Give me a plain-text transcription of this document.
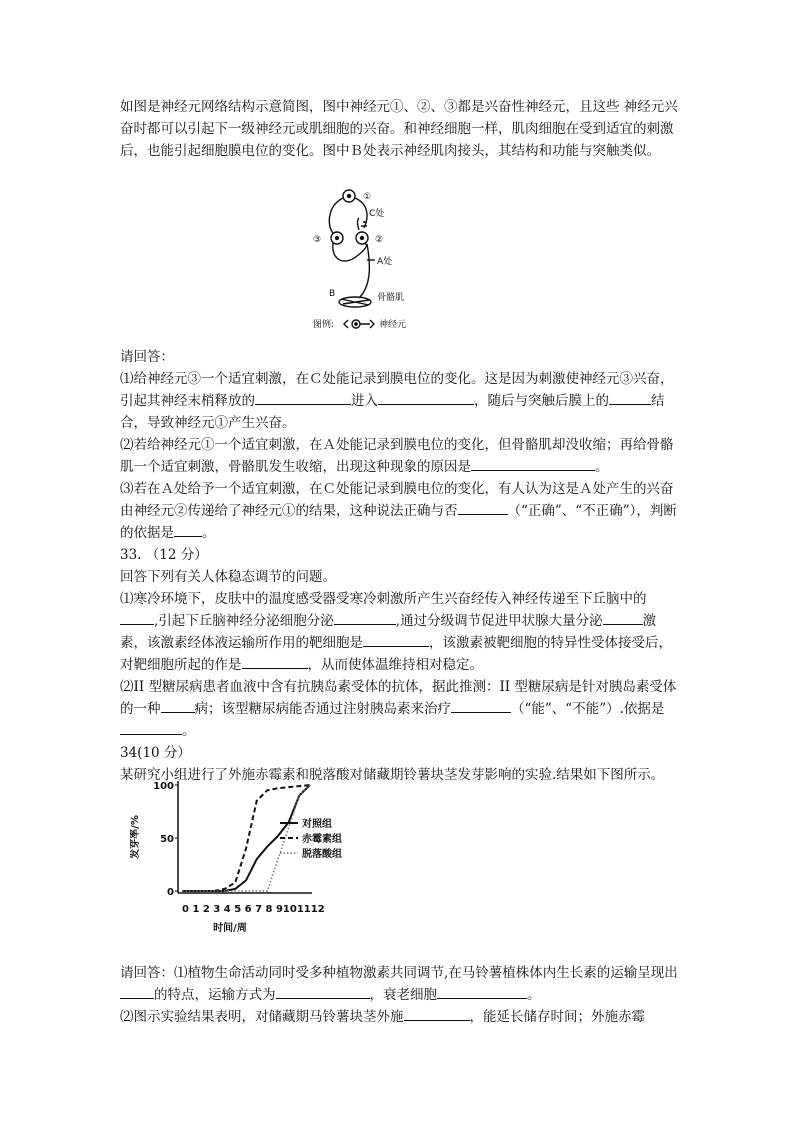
如图是神经元网络结构示意简图，图中神经元①、②、③都是兴奋性神经元，且这些 神经元兴奋时都可以引起下一级神经元或肌细胞的兴奋。和神经细胞一样，肌肉细胞在受到适宜的刺激后，也能引起细胞膜电位的变化。图中Ｂ处表示神经肌肉接头，其结构和功能与突触类似。

请回答：

⑴给神经元③一个适宜刺激，在Ｃ处能记录到膜电位的变化。这是因为刺激使神经元③兴奋，引起其神经末梢释放的	进入	，随后与突触后膜上的	结合，导致神经元①产生兴奋。

⑵若给神经元①一个适宜刺激，在Ａ处能记录到膜电位的变化，但骨骼肌却没收缩；再给骨骼肌一个适宜刺激，骨骼肌发生收缩，出现这种现象的原因是	。

⑶若在Ａ处给予一个适宜刺激，在Ｃ处能记录到膜电位的变化，有人认为这是Ａ处产生的兴奋由神经元②传递给了神经元①的结果，这种说法正确与否	（“正确”、“不正确”），判断的依据是 。

33. （12 分）

回答下列有关人体稳态调节的问题。

⑴寒冷环境下，皮肤中的温度感受器受寒冷刺激所产生兴奋经传入神经传递至下丘脑中的,引起下丘脑神经分泌细胞分泌	,通过分级调节促进甲状腺大量分泌	激素，该激素经体液运输所作用的靶细胞是	，该激素被靶细胞的特异性受体接受后，对靶细胞所起的作是	，从而使体温维持相对稳定。

⑵II 型糖尿病患者血液中含有抗胰岛素受体的抗体，据此推测：II 型糖尿病是针对胰岛素受体的一种	病；该型糖尿病能否通过注射胰岛素来治疗	（“能”、“不能”）.依据是。

34(10 分）

某研究小组进行了外施赤霉素和脱落酸对储藏期铃薯块茎发芽影响的实验.结果如下图所示。

请回答：⑴植物生命活动同时受多种植物激素共同调节,在马铃薯植株体内生长素的运输呈现出的特点，运输方式为	，衰老细胞	。

⑵图示实验结果表明，对储藏期马铃薯块茎外施	，能延长储存时间；外施赤霉

①
C处
③	②
A处
B	骨骼肌
图例:	神经元
0
50
100
发芽率/%
0 1 2 3 4 5 6 7 8 9101112
时间/周
对照组
赤霉素组
脱落酸组
